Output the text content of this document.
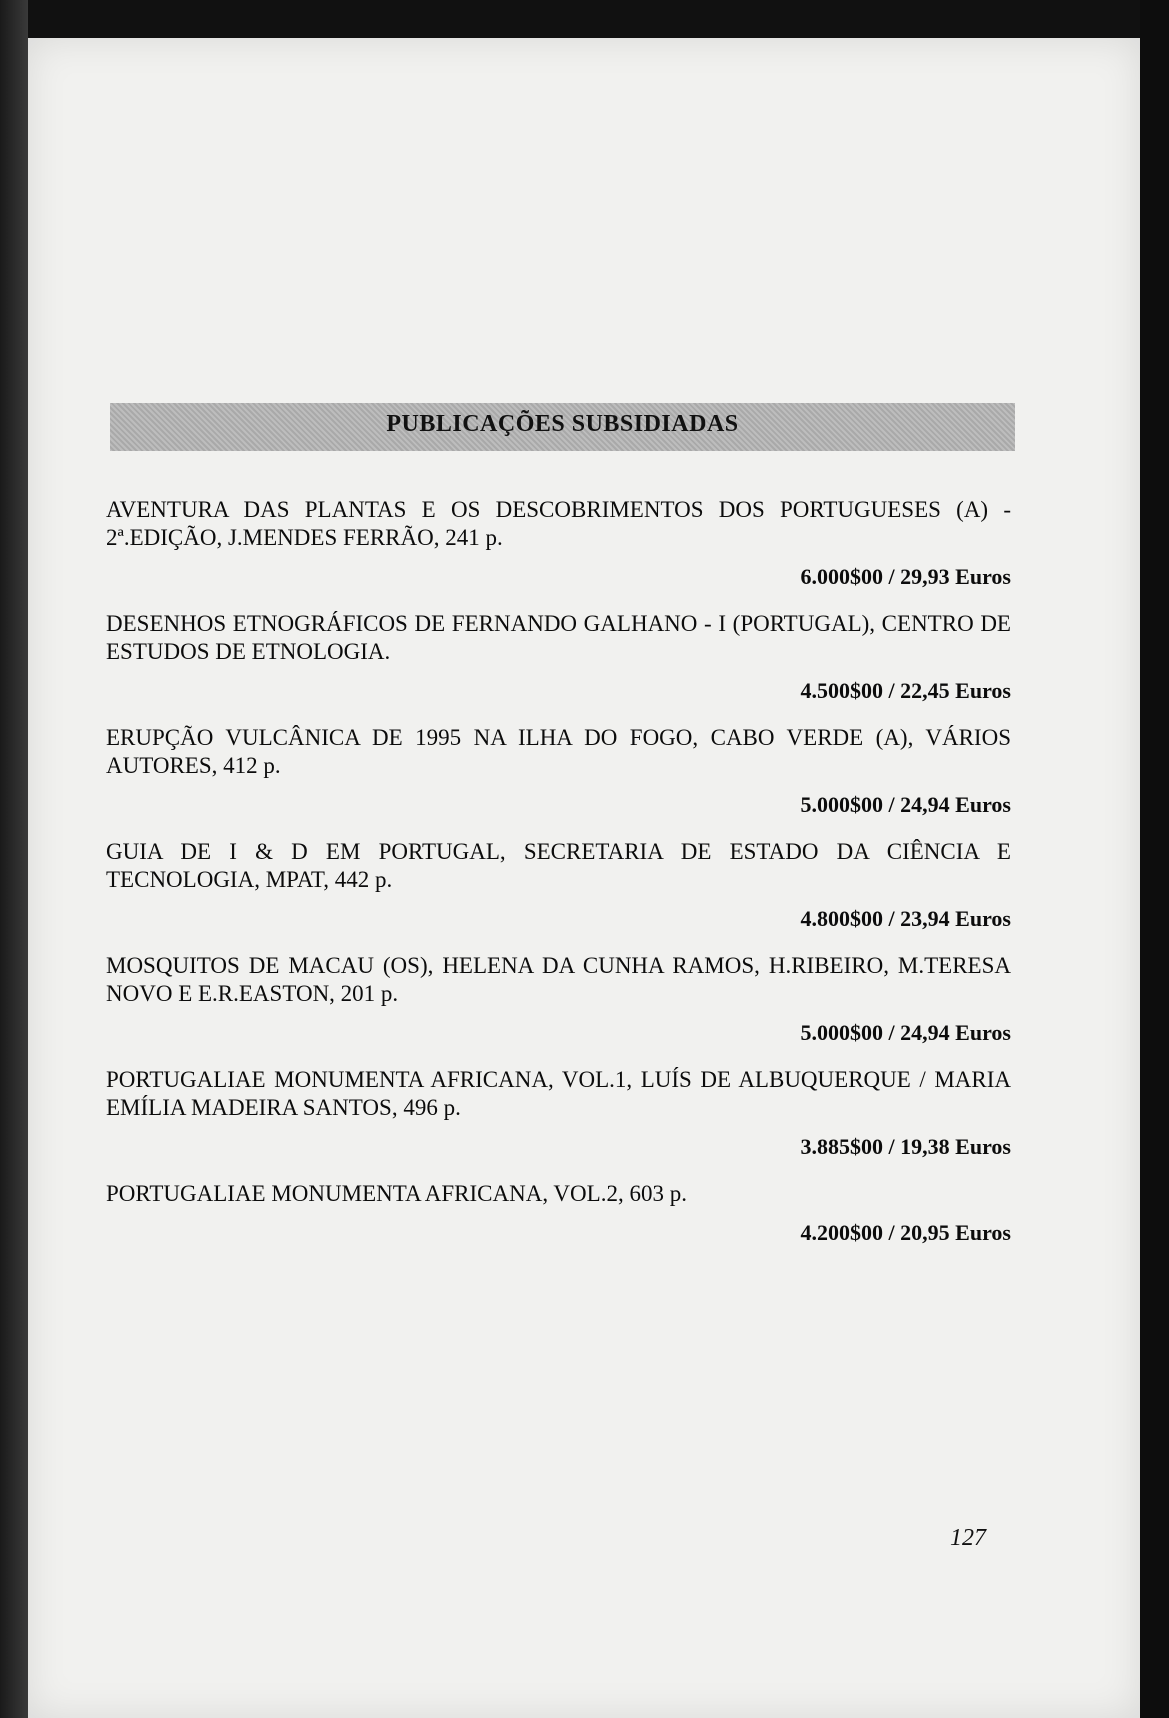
PUBLICAÇÕES SUBSIDIADAS
AVENTURA DAS PLANTAS E OS DESCOBRIMENTOS DOS PORTUGUESES (A) - 2ª.EDIÇÃO, J.MENDES FERRÃO, 241 p.
6.000$00 / 29,93 Euros
DESENHOS ETNOGRÁFICOS DE FERNANDO GALHANO - I (PORTUGAL), CENTRO DE ESTUDOS DE ETNOLOGIA.
4.500$00 / 22,45 Euros
ERUPÇÃO VULCÂNICA DE 1995 NA ILHA DO FOGO, CABO VERDE (A), VÁRIOS AUTORES, 412 p.
5.000$00 / 24,94 Euros
GUIA DE I & D EM PORTUGAL, SECRETARIA DE ESTADO DA CIÊNCIA E TECNOLOGIA, MPAT, 442 p.
4.800$00 / 23,94 Euros
MOSQUITOS DE MACAU (OS), HELENA DA CUNHA RAMOS, H.RIBEIRO, M.TERESA NOVO E E.R.EASTON, 201 p.
5.000$00 / 24,94 Euros
PORTUGALIAE MONUMENTA AFRICANA, VOL.1, LUÍS DE ALBUQUERQUE / MARIA EMÍLIA MADEIRA SANTOS, 496 p.
3.885$00 / 19,38 Euros
PORTUGALIAE MONUMENTA AFRICANA, VOL.2, 603 p.
4.200$00 / 20,95 Euros
127
